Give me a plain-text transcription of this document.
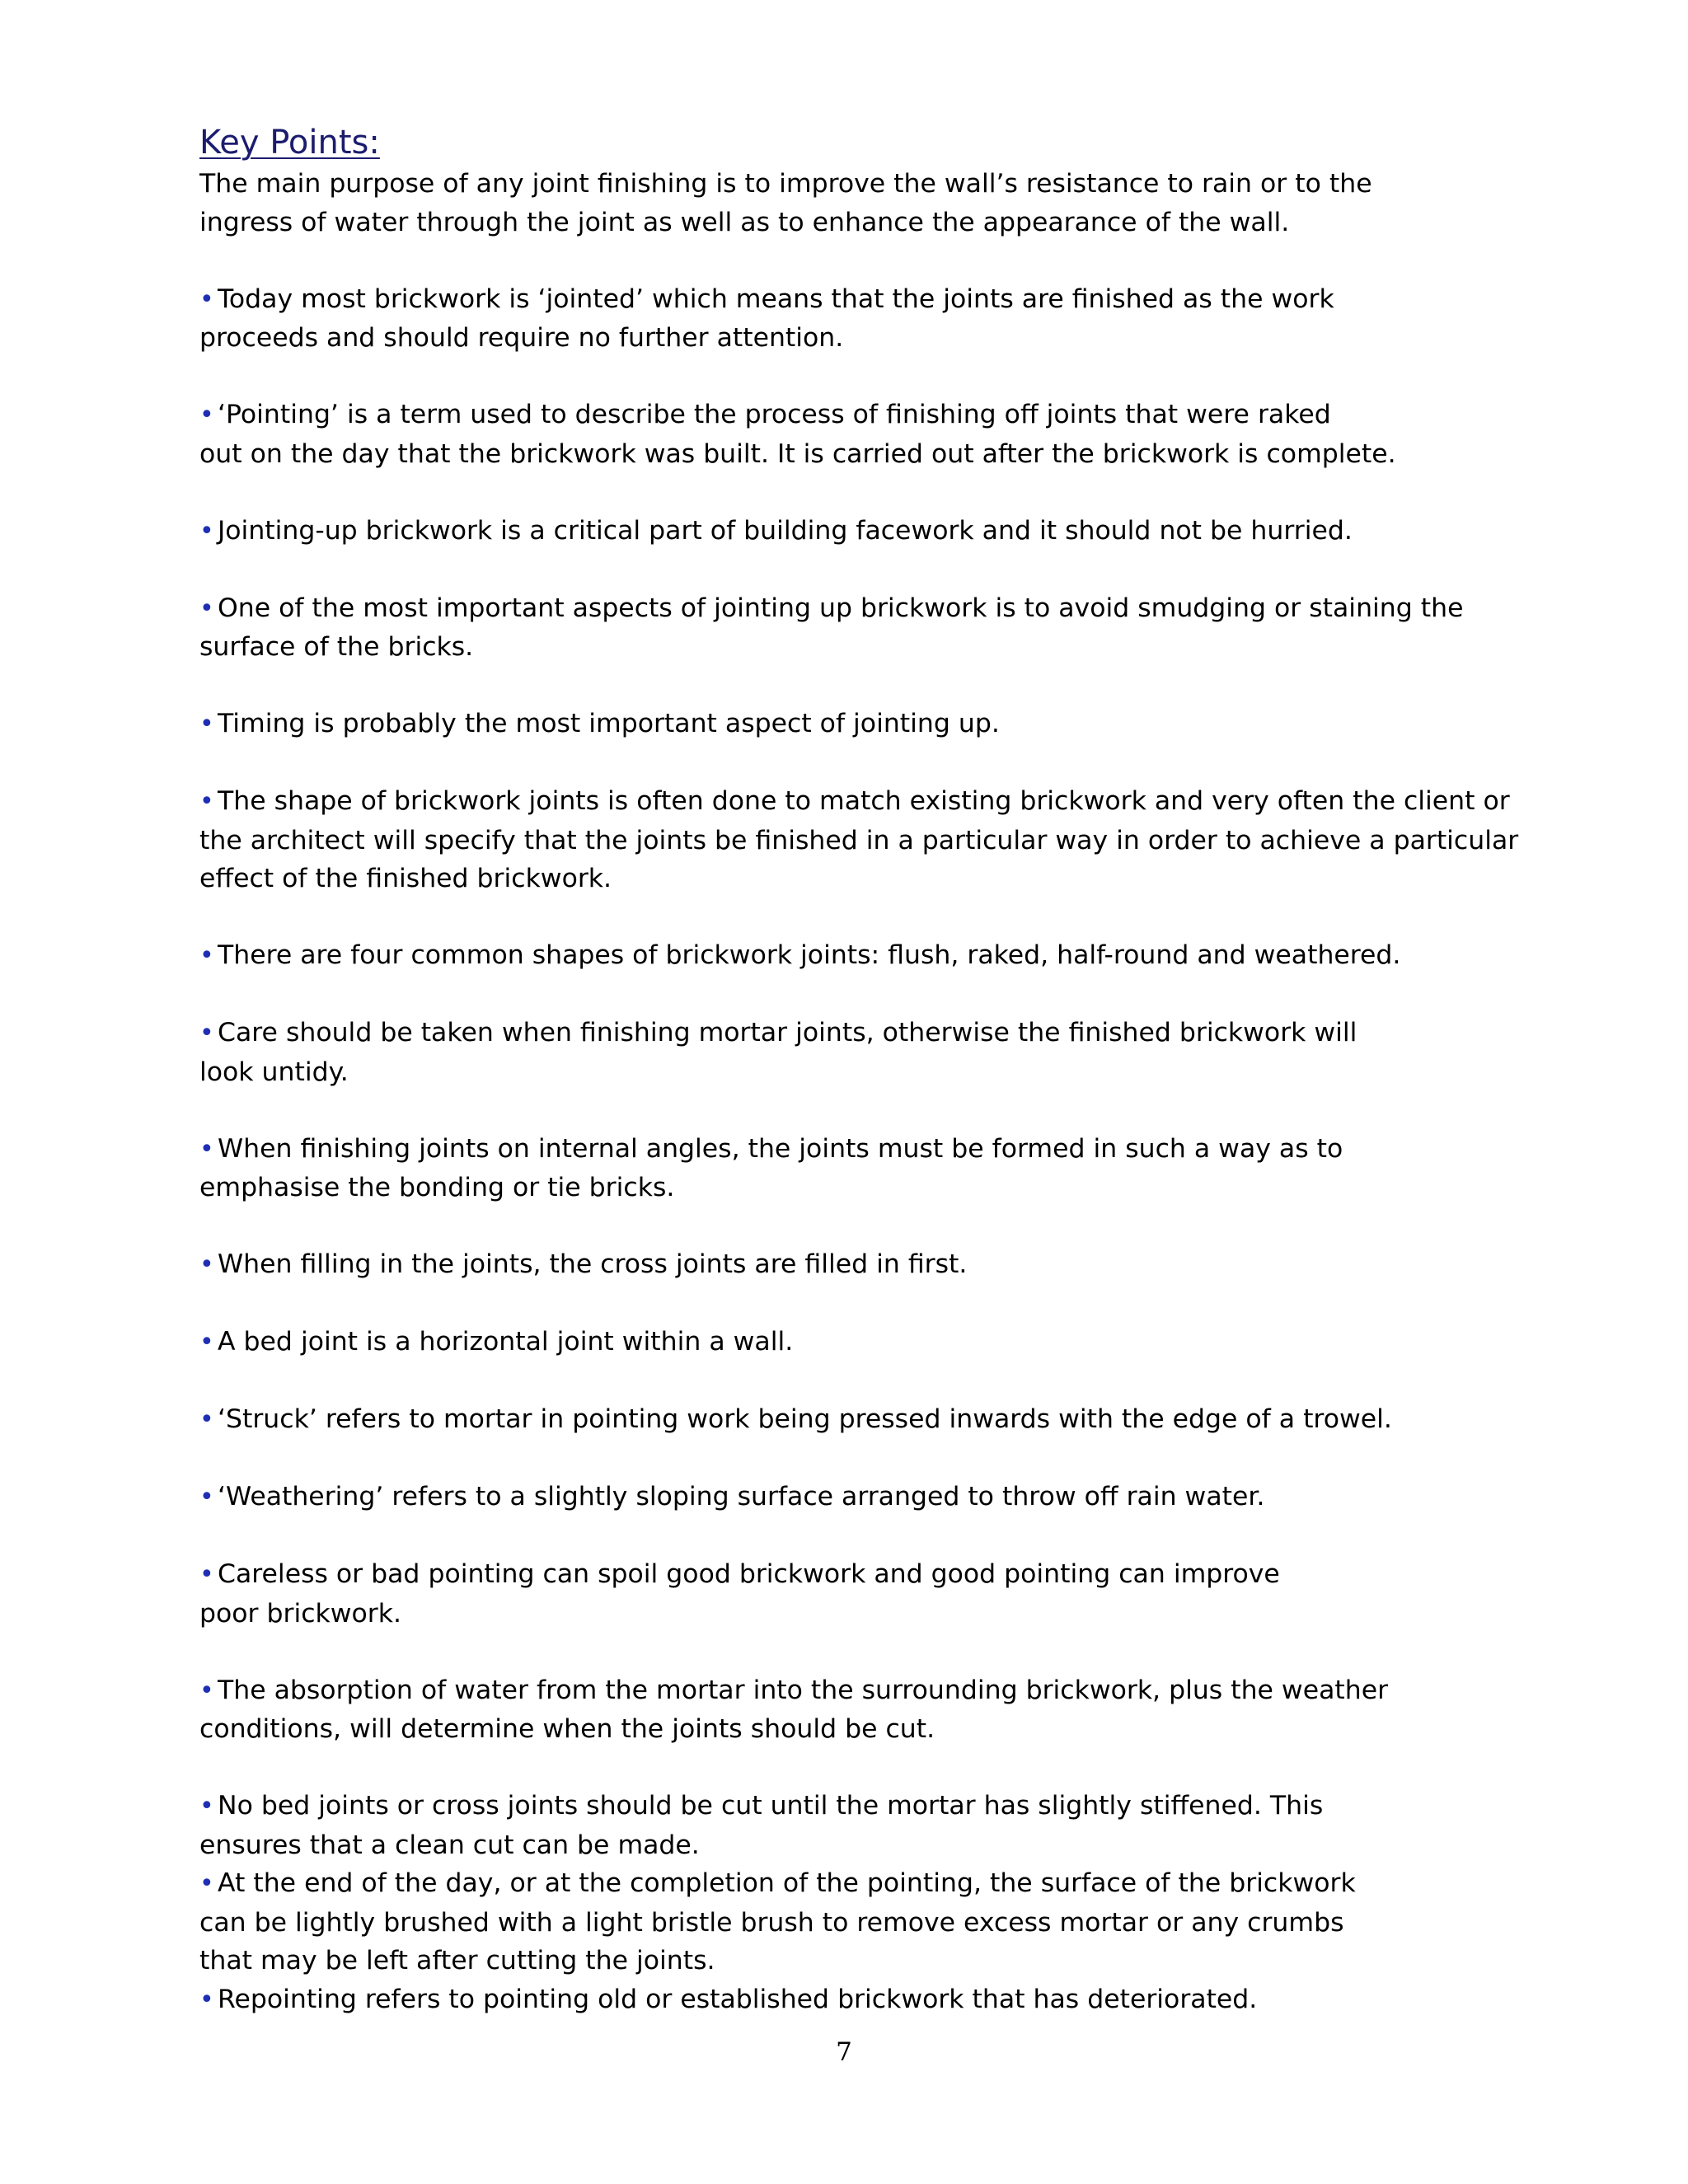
Key Points:

The main purpose of any joint finishing is to improve the wall’s resistance to rain or to the
ingress of water through the joint as well as to enhance the appearance of the wall.

• Today most brickwork is ‘jointed’ which means that the joints are finished as the work
proceeds and should require no further attention.

• ‘Pointing’ is a term used to describe the process of finishing off joints that were raked
out on the day that the brickwork was built. It is carried out after the brickwork is complete.

• Jointing-up brickwork is a critical part of building facework and it should not be hurried.

• One of the most important aspects of jointing up brickwork is to avoid smudging or staining the
surface of the bricks.

• Timing is probably the most important aspect of jointing up.

• The shape of brickwork joints is often done to match existing brickwork and very often the client or
the architect will specify that the joints be finished in a particular way in order to achieve a particular
effect of the finished brickwork.

• There are four common shapes of brickwork joints: flush, raked, half-round and weathered.

• Care should be taken when finishing mortar joints, otherwise the finished brickwork will
look untidy.

• When finishing joints on internal angles, the joints must be formed in such a way as to
emphasise the bonding or tie bricks.

• When filling in the joints, the cross joints are filled in first.

• A bed joint is a horizontal joint within a wall.

• ‘Struck’ refers to mortar in pointing work being pressed inwards with the edge of a trowel.

• ‘Weathering’ refers to a slightly sloping surface arranged to throw off rain water.

• Careless or bad pointing can spoil good brickwork and good pointing can improve
poor brickwork.

• The absorption of water from the mortar into the surrounding brickwork, plus the weather
conditions, will determine when the joints should be cut.

• No bed joints or cross joints should be cut until the mortar has slightly stiffened. This
ensures that a clean cut can be made.

• At the end of the day, or at the completion of the pointing, the surface of the brickwork
can be lightly brushed with a light bristle brush to remove excess mortar or any crumbs
that may be left after cutting the joints.

• Repointing refers to pointing old or established brickwork that has deteriorated.

7
